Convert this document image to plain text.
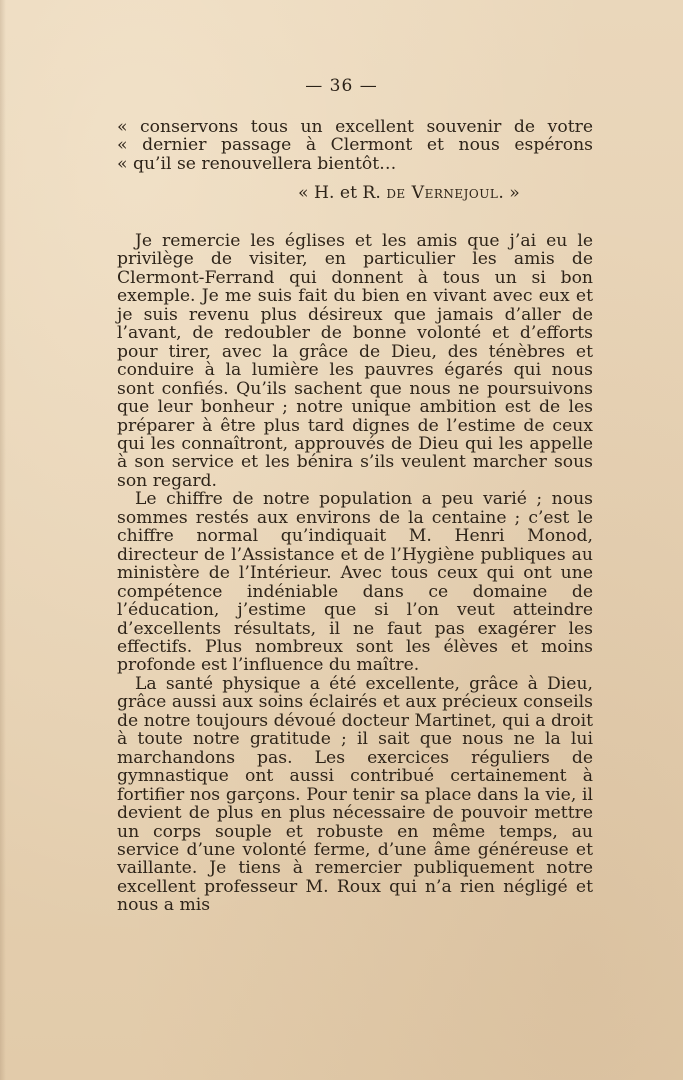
— 36 —
« conservons tous un excellent souvenir de votre
« dernier passage à Clermont et nous espérons
« qu’il se renouvellera bientôt…
« H. et R. de Vernejoul. »

Je remercie les églises et les amis que j’ai eu le privilège de visiter, en particulier les amis de Clermont-Ferrand qui donnent à tous un si bon exemple. Je me suis fait du bien en vivant avec eux et je suis revenu plus désireux que jamais d’aller de l’avant, de redoubler de bonne volonté et d’efforts pour tirer, avec la grâce de Dieu, des ténèbres et conduire à la lumière les pauvres égarés qui nous sont confiés. Qu’ils sachent que nous ne poursuivons que leur bonheur ; notre unique ambition est de les préparer à être plus tard dignes de l’estime de ceux qui les connaîtront, approuvés de Dieu qui les appelle à son service et les bénira s’ils veulent marcher sous son regard.

Le chiffre de notre population a peu varié ; nous sommes restés aux environs de la centaine ; c’est le chiffre normal qu’indiquait M. Henri Monod, directeur de l’Assistance et de l’Hygiène publiques au ministère de l’Intérieur. Avec tous ceux qui ont une compétence indéniable dans ce domaine de l’éducation, j’estime que si l’on veut atteindre d’excellents résultats, il ne faut pas exagérer les effectifs. Plus nombreux sont les élèves et moins profonde est l’influence du maître.

La santé physique a été excellente, grâce à Dieu, grâce aussi aux soins éclairés et aux précieux conseils de notre toujours dévoué docteur Martinet, qui a droit à toute notre gratitude ; il sait que nous ne la lui marchandons pas. Les exercices réguliers de gymnastique ont aussi contribué certainement à fortifier nos garçons. Pour tenir sa place dans la vie, il devient de plus en plus nécessaire de pouvoir mettre un corps souple et robuste en même temps, au service d’une volonté ferme, d’une âme généreuse et vaillante. Je tiens à remercier publiquement notre excellent professeur M. Roux qui n’a rien négligé et nous a mis
